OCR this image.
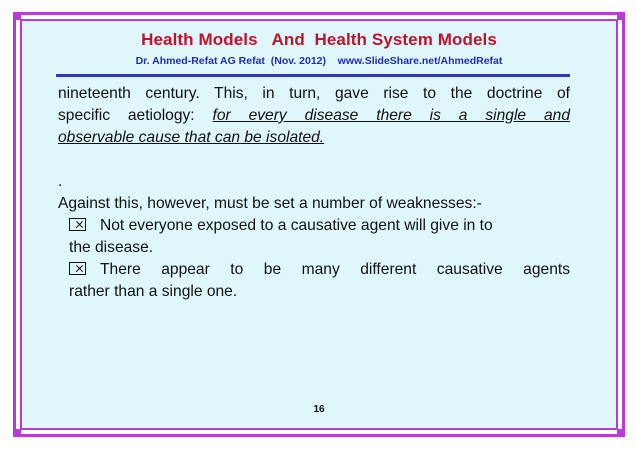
Health Models   And  Health System Models
Dr. Ahmed-Refat AG Refat  (Nov. 2012)    www.SlideShare.net/AhmedRefat
nineteenth century. This, in turn, gave rise to the doctrine of
specific aetiology: for every disease there is a single and
observable cause that can be isolated.
.
Against this, however, must be set a number of weaknesses:-
Not everyone exposed to a causative agent will give in to
the disease.
There appear to be many different causative agents
rather than a single one.
16
